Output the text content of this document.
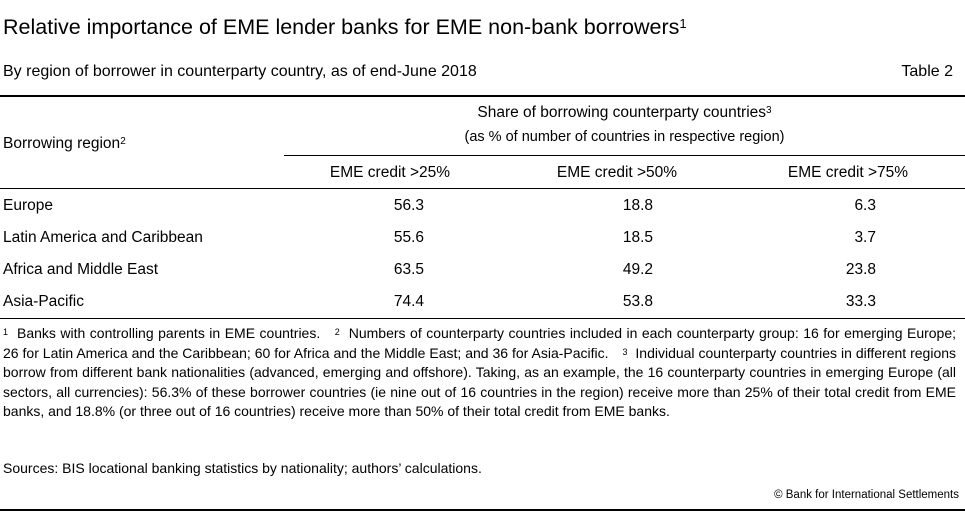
Relative importance of EME lender banks for EME non-bank borrowers$^1$
By region of borrower in counterparty country, as of end-June 2018	Table 2
Share of borrowing counterparty countries$^3$
(as % of number of countries in respective region)
Borrowing region$^2$
EME credit >25%	EME credit >50%	EME credit >75%
Europe	56.3	18.8	6.3
Latin America and Caribbean	55.6	18.5	3.7
Africa and Middle East	63.5	49.2	23.8
Asia-Pacific	74.4	53.8	33.3
$^1$ Banks with controlling parents in EME countries. $^2$ Numbers of counterparty countries included in each counterparty group: 16 for emerging Europe; 26 for Latin America and the Caribbean; 60 for Africa and the Middle East; and 36 for Asia-Pacific. $^3$ Individual counterparty countries in different regions borrow from different bank nationalities (advanced, emerging and offshore). Taking, as an example, the 16 counterparty countries in emerging Europe (all sectors, all currencies): 56.3% of these borrower countries (ie nine out of 16 countries in the region) receive more than 25% of their total credit from EME banks, and 18.8% (or three out of 16 countries) receive more than 50% of their total credit from EME banks.
Sources: BIS locational banking statistics by nationality; authors’ calculations.
© Bank for International Settlements
